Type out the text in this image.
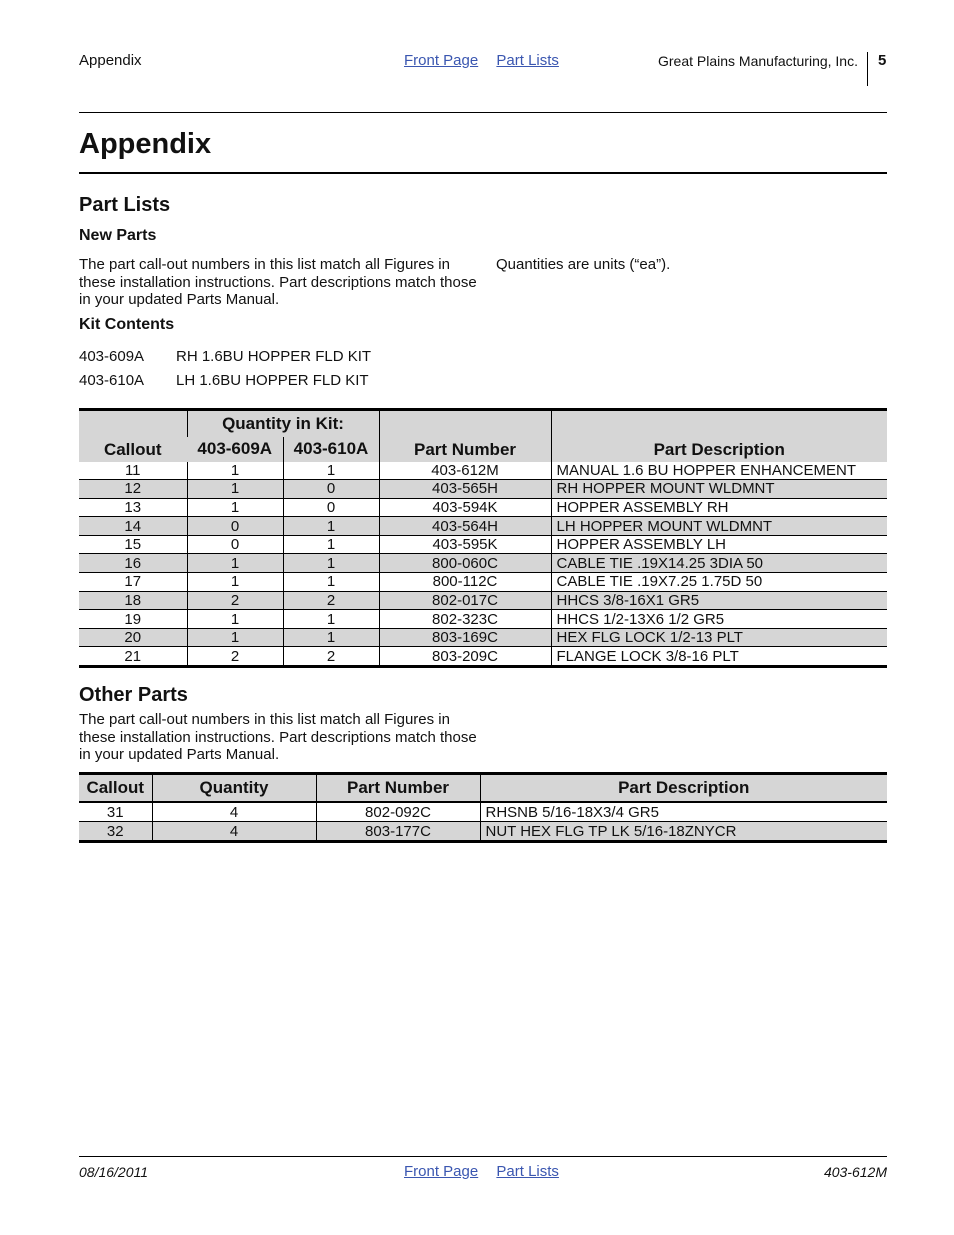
Appendix	Front Page Part Lists	Great Plains Manufacturing, Inc. 5
Appendix
Part Lists
New Parts
The part call-out numbers in this list match all Figures in these installation instructions. Part descriptions match those in your updated Parts Manual.
Quantities are units (“ea”).
Kit Contents
403-609A RH 1.6BU HOPPER FLD KIT
403-610A LH 1.6BU HOPPER FLD KIT
Callout	Quantity in Kit:		Part Number	Part Description
	403-609A	403-610A		
11	1	1	403-612M	MANUAL 1.6 BU HOPPER ENHANCEMENT
12	1	0	403-565H	RH HOPPER MOUNT WLDMNT
13	1	0	403-594K	HOPPER ASSEMBLY RH
14	0	1	403-564H	LH HOPPER MOUNT WLDMNT
15	0	1	403-595K	HOPPER ASSEMBLY LH
16	1	1	800-060C	CABLE TIE .19X14.25 3DIA 50
17	1	1	800-112C	CABLE TIE .19X7.25 1.75D 50
18	2	2	802-017C	HHCS 3/8-16X1 GR5
19	1	1	802-323C	HHCS 1/2-13X6 1/2 GR5
20	1	1	803-169C	HEX FLG LOCK 1/2-13 PLT
21	2	2	803-209C	FLANGE LOCK 3/8-16 PLT
Other Parts
The part call-out numbers in this list match all Figures in these installation instructions. Part descriptions match those in your updated Parts Manual.
Callout	Quantity	Part Number	Part Description
31	4	802-092C	RHSNB 5/16-18X3/4 GR5
32	4	803-177C	NUT HEX FLG TP LK 5/16-18ZNYCR
08/16/2011	Front Page Part Lists	403-612M
